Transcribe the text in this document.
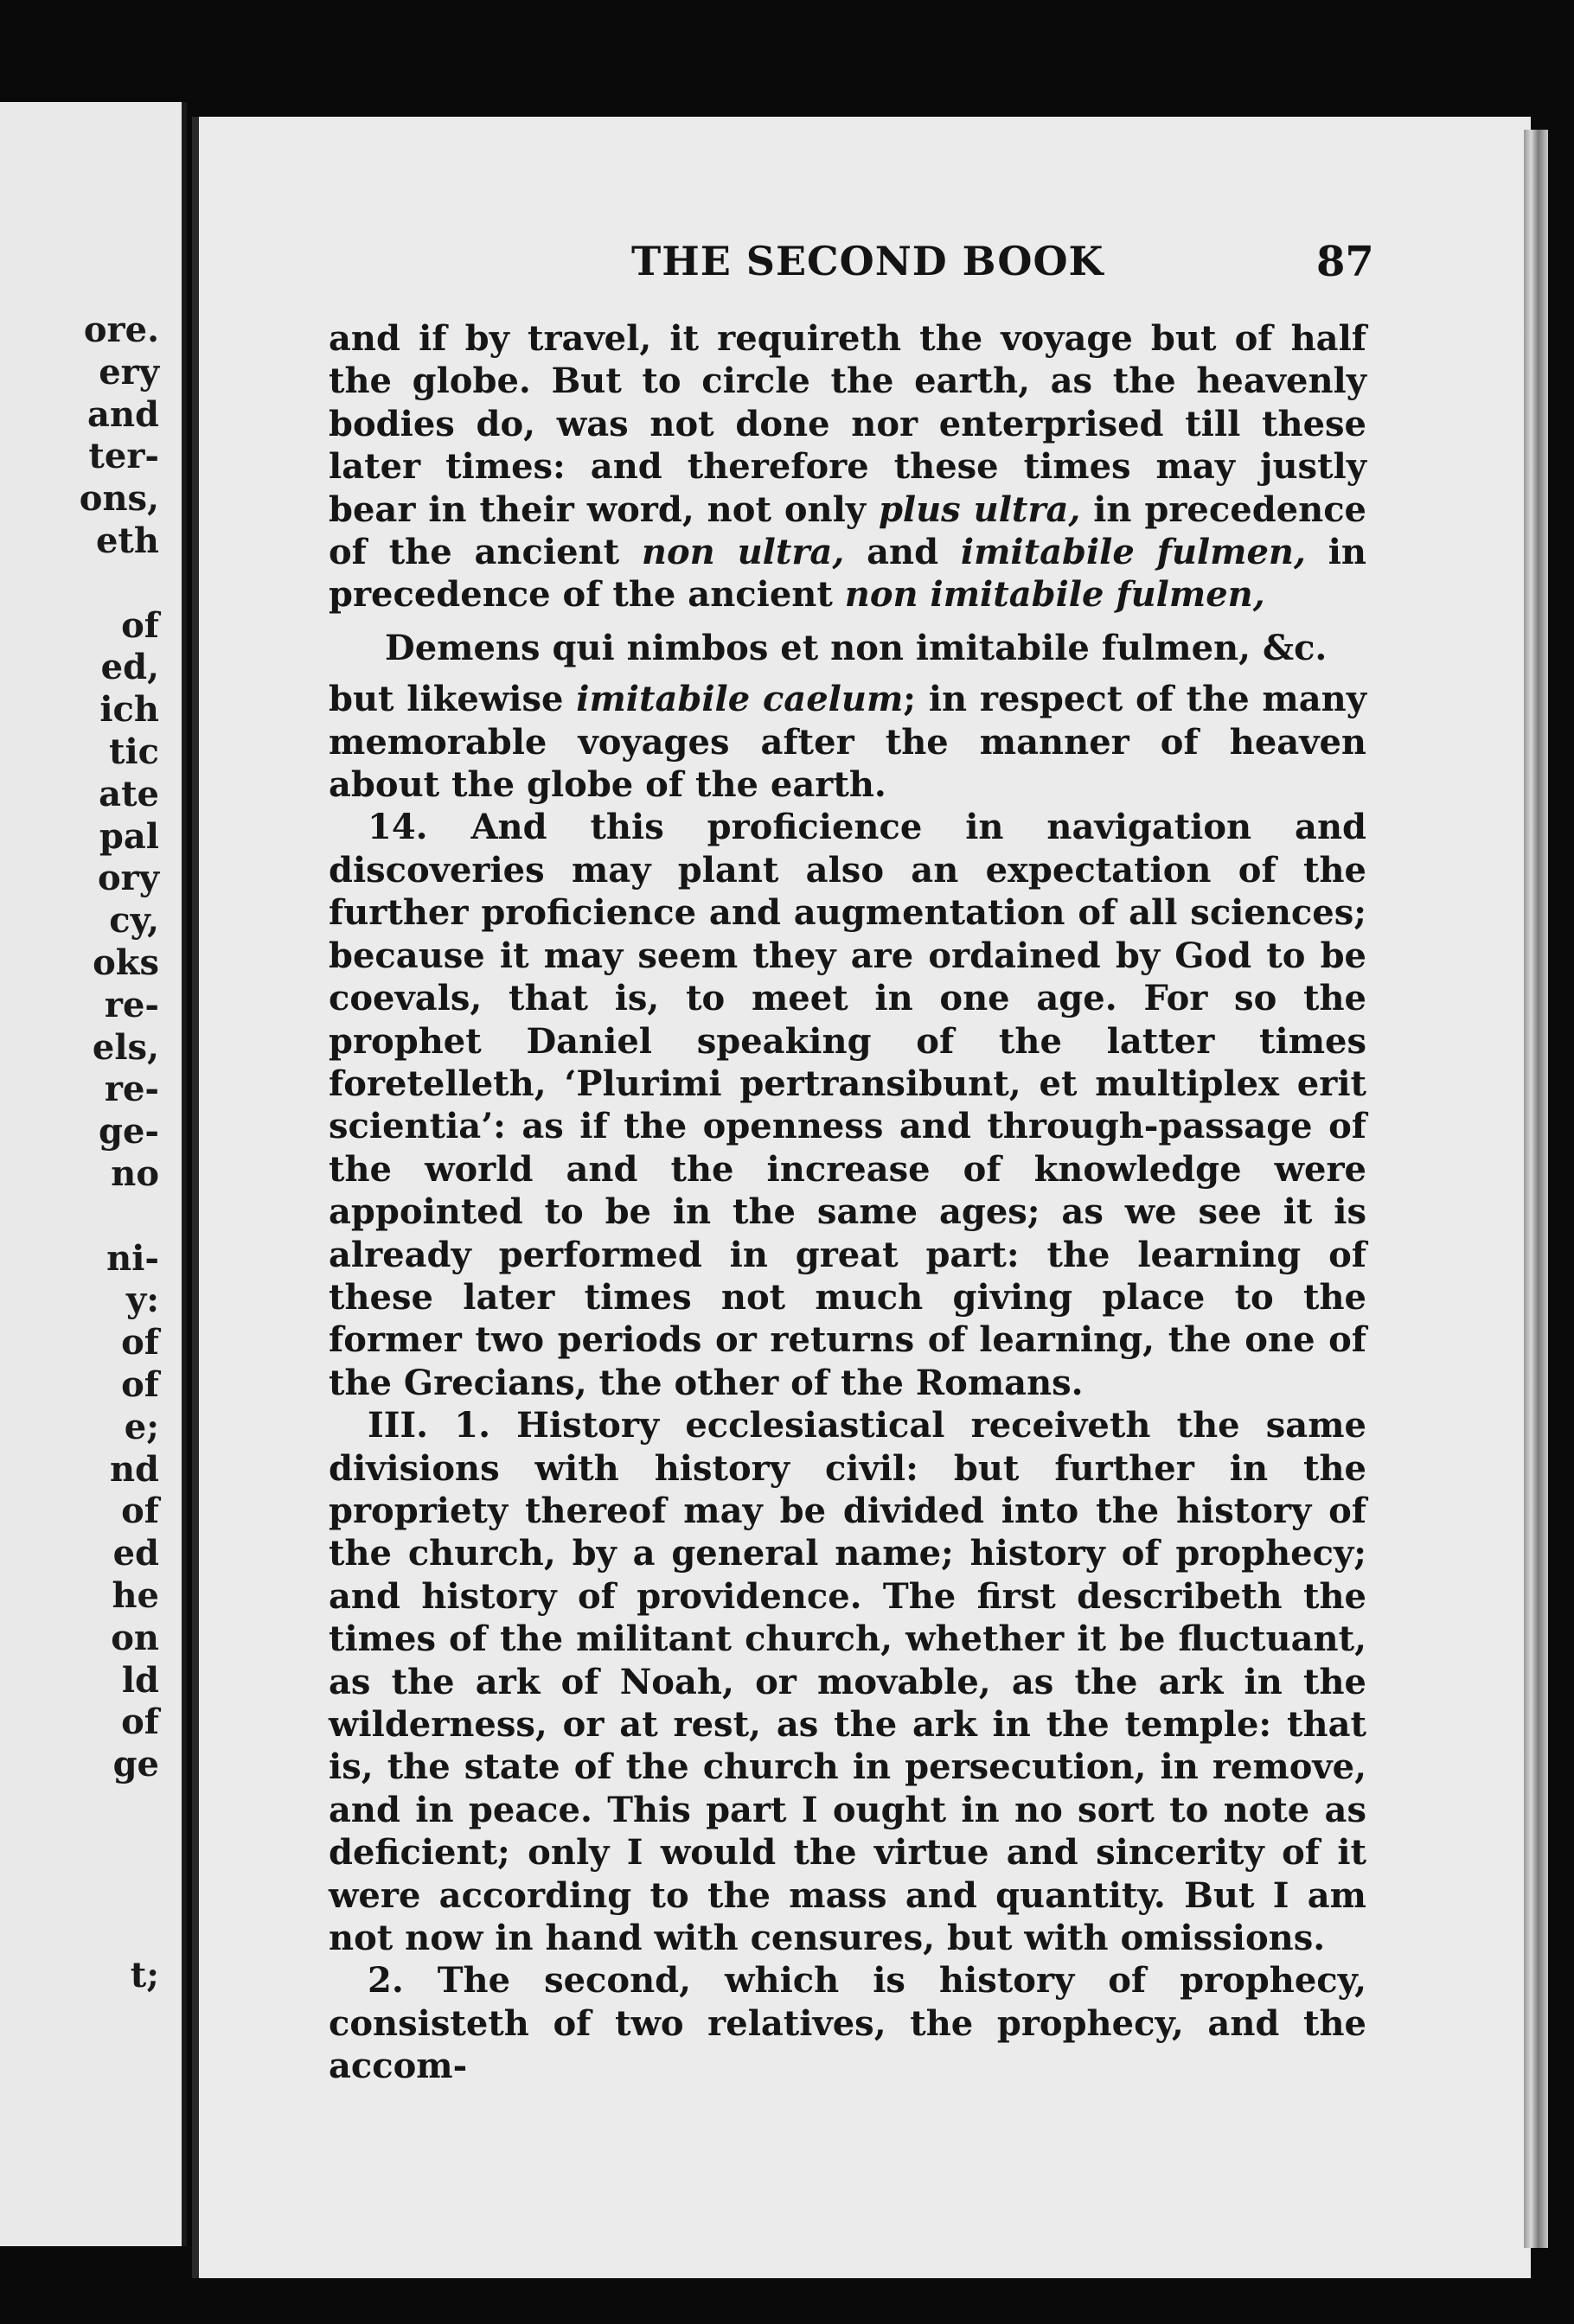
ore.
ery
and
ter-
ons,
eth
of
ed,
ich
tic
ate
pal
ory
cy,
oks
re-
els,
re-
ge-
no
ni-
y:
of
of
e;
nd
of
ed
he
on
ld
of
ge
t;
THE SECOND BOOK	87

and if by travel, it requireth the voyage but of half the globe. But to circle the earth, as the heavenly bodies do, was not done nor enterprised till these later times: and therefore these times may justly bear in their word, not only plus ultra, in precedence of the ancient non ultra, and imitabile fulmen, in precedence of the ancient non imitabile fulmen,

Demens qui nimbos et non imitabile fulmen, &c.

but likewise imitabile caelum; in respect of the many memorable voyages after the manner of heaven about the globe of the earth.

14. And this proficience in navigation and discoveries may plant also an expectation of the further proficience and augmentation of all sciences; because it may seem they are ordained by God to be coevals, that is, to meet in one age. For so the prophet Daniel speaking of the latter times foretelleth, ‘Plurimi pertransibunt, et multiplex erit scientia’: as if the openness and through-passage of the world and the increase of knowledge were appointed to be in the same ages; as we see it is already performed in great part: the learning of these later times not much giving place to the former two periods or returns of learning, the one of the Grecians, the other of the Romans.

III. 1. History ecclesiastical receiveth the same divisions with history civil: but further in the propriety thereof may be divided into the history of the church, by a general name; history of prophecy; and history of providence. The first describeth the times of the militant church, whether it be fluctuant, as the ark of Noah, or movable, as the ark in the wilderness, or at rest, as the ark in the temple: that is, the state of the church in persecution, in remove, and in peace. This part I ought in no sort to note as deficient; only I would the virtue and sincerity of it were according to the mass and quantity. But I am not now in hand with censures, but with omissions.

2. The second, which is history of prophecy, consisteth of two relatives, the prophecy, and the accom-
